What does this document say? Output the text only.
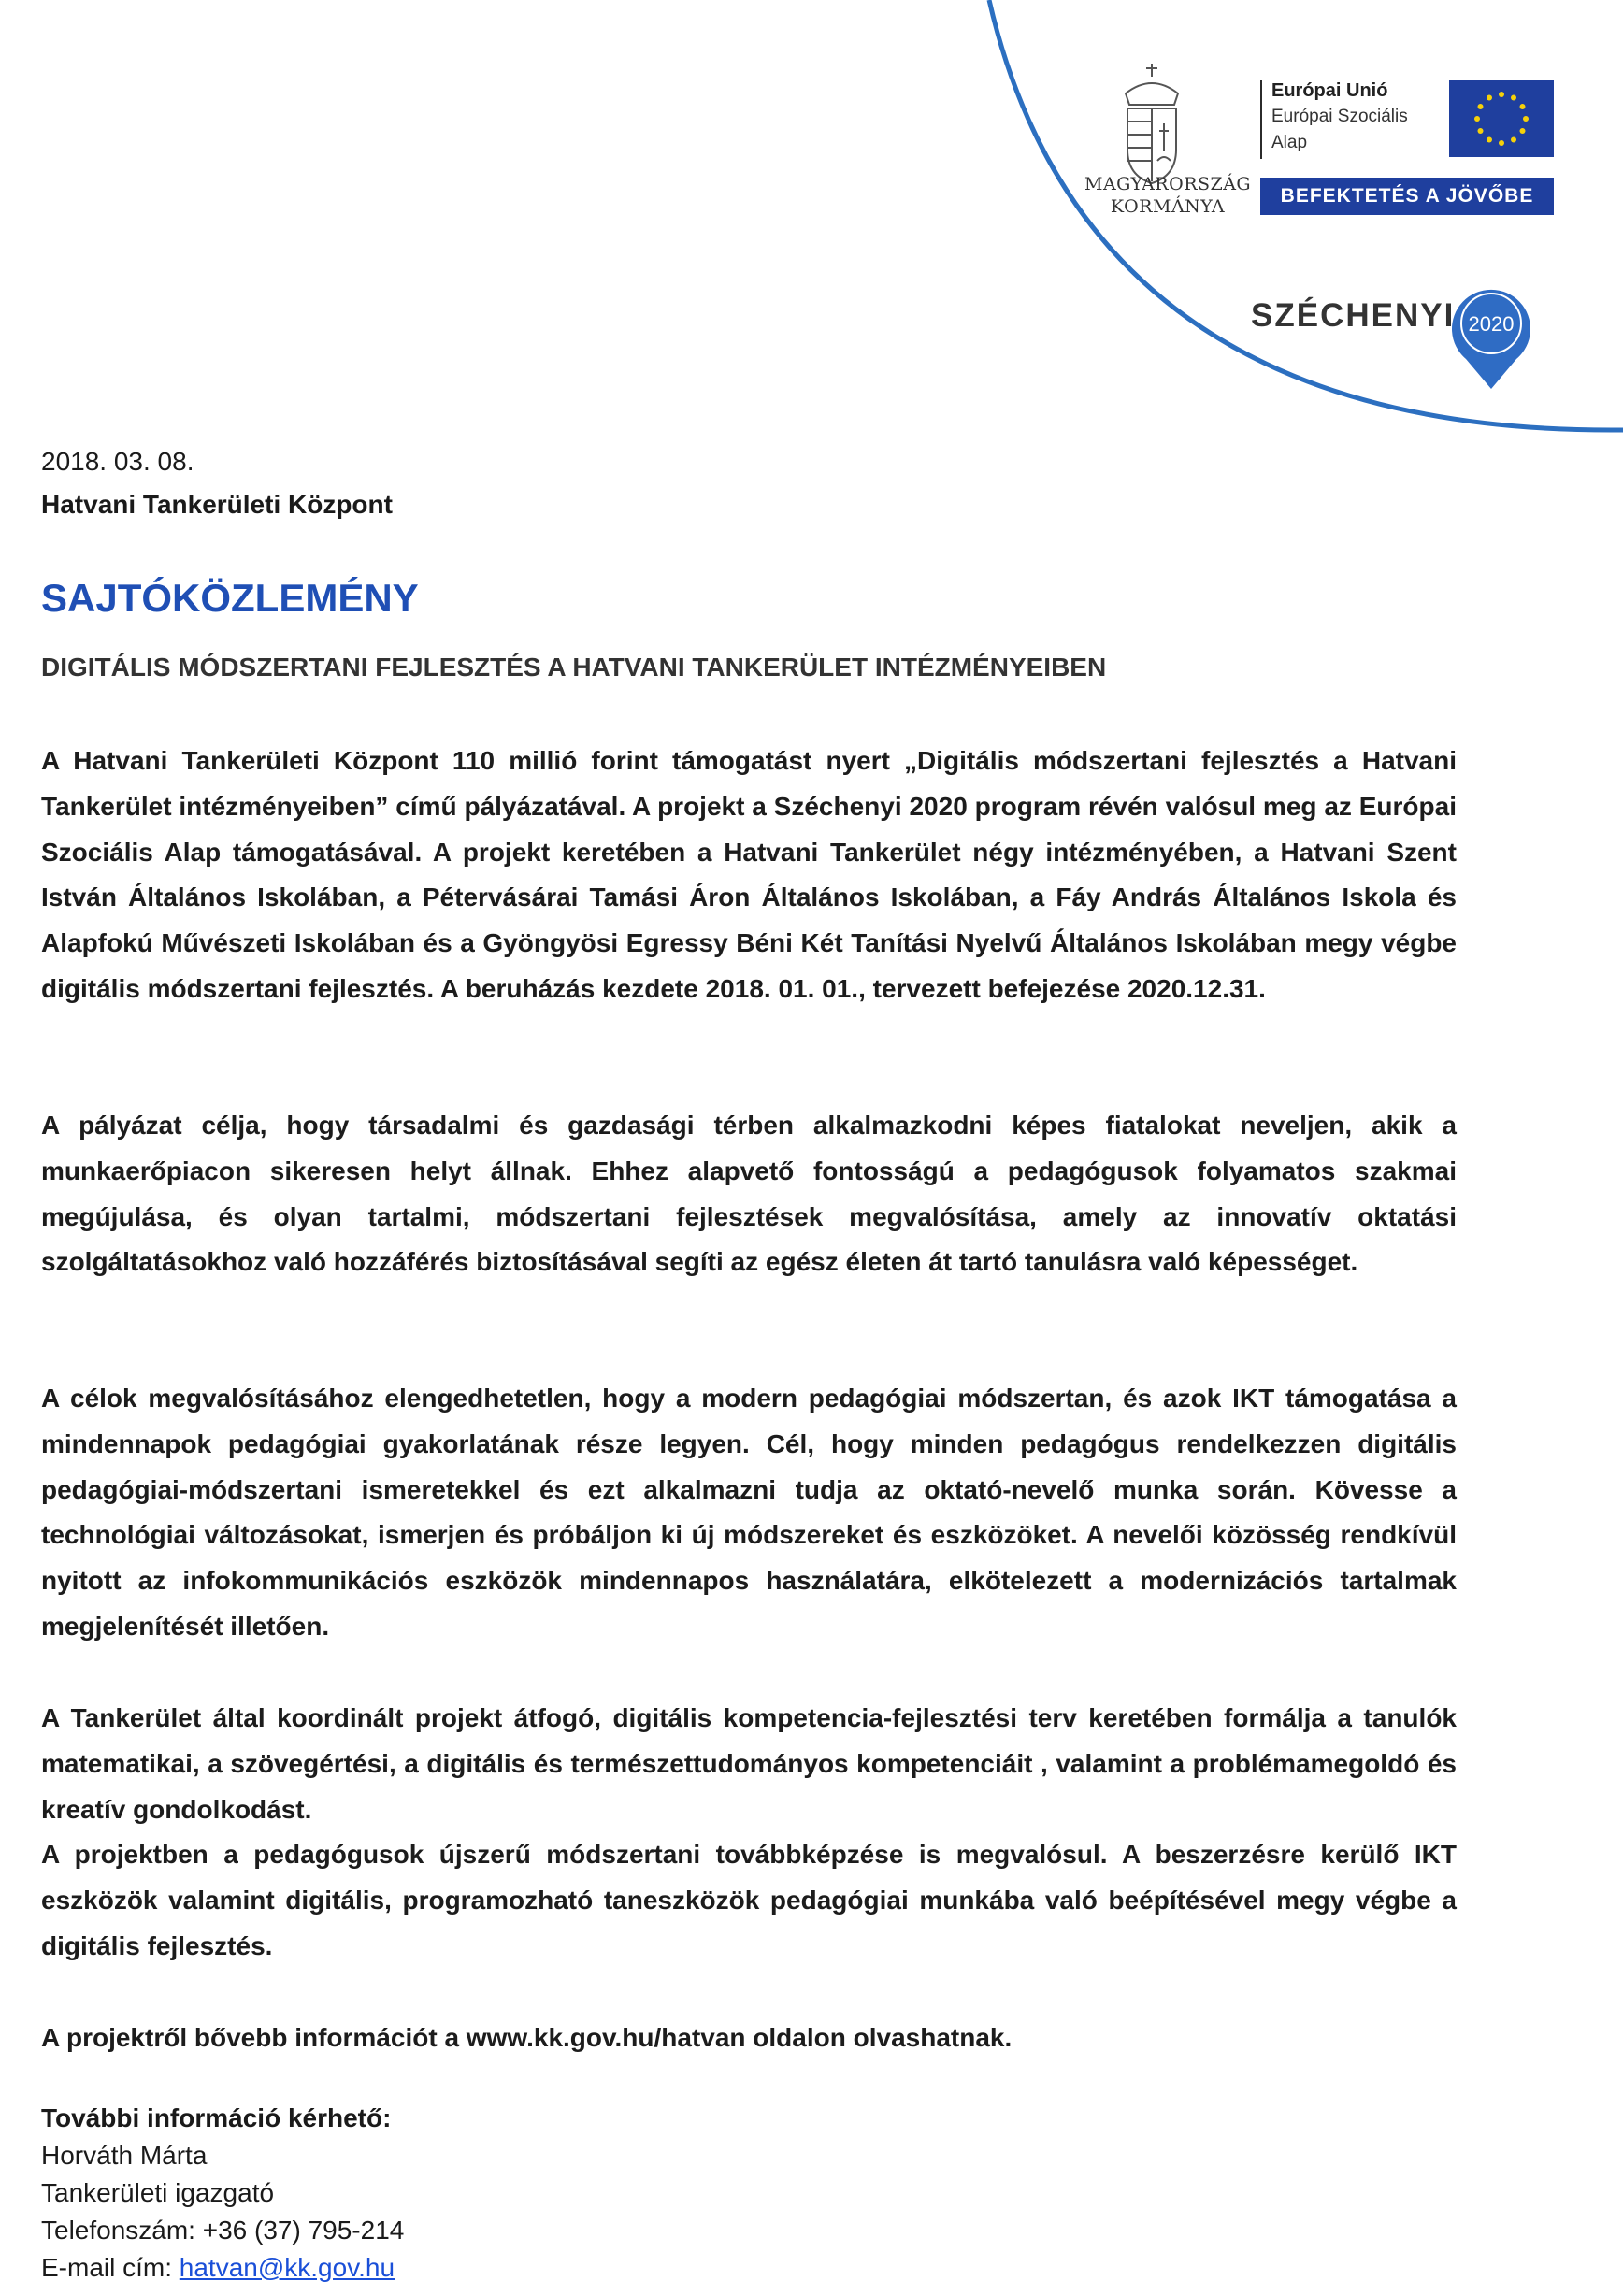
MAGYARORSZÁG
KORMÁNYA
Európai Unió
Európai Szociális
Alap
BEFEKTETÉS A JÖVŐBE
SZÉCHENYI 2020
2018. 03. 08.
Hatvani Tankerületi Központ
SAJTÓKÖZLEMÉNY
DIGITÁLIS MÓDSZERTANI FEJLESZTÉS A HATVANI TANKERÜLET INTÉZMÉNYEIBEN
A Hatvani Tankerületi Központ 110 millió forint támogatást nyert „Digitális módszertani fejlesztés a Hatvani Tankerület intézményeiben” című pályázatával. A projekt a Széchenyi 2020 program révén valósul meg az Európai Szociális Alap támogatásával. A projekt keretében a Hatvani Tankerület négy intézményében, a Hatvani Szent István Általános Iskolában, a Pétervásárai Tamási Áron Általános Iskolában, a Fáy András Általános Iskola és Alapfokú Művészeti Iskolában és a Gyöngyösi Egressy Béni Két Tanítási Nyelvű Általános Iskolában megy végbe digitális módszertani fejlesztés. A beruházás kezdete 2018. 01. 01., tervezett befejezése 2020.12.31.
A pályázat célja, hogy társadalmi és gazdasági térben alkalmazkodni képes fiatalokat neveljen, akik a munkaerőpiacon sikeresen helyt állnak. Ehhez alapvető fontosságú a pedagógusok folyamatos szakmai megújulása, és olyan tartalmi, módszertani fejlesztések megvalósítása, amely az innovatív oktatási szolgáltatásokhoz való hozzáférés biztosításával segíti az egész életen át tartó tanulásra való képességet.
A célok megvalósításához elengedhetetlen, hogy a modern pedagógiai módszertan, és azok IKT támogatása a mindennapok pedagógiai gyakorlatának része legyen. Cél, hogy minden pedagógus rendelkezzen digitális pedagógiai-módszertani ismeretekkel és ezt alkalmazni tudja az oktató-nevelő munka során. Kövesse a technológiai változásokat, ismerjen és próbáljon ki új módszereket és eszközöket. A nevelői közösség rendkívül nyitott az infokommunikációs eszközök mindennapos használatára, elkötelezett a modernizációs tartalmak megjelenítését illetően.
A Tankerület által koordinált projekt átfogó, digitális kompetencia-fejlesztési terv keretében formálja a tanulók matematikai, a szövegértési, a digitális és természettudományos kompetenciáit , valamint a problémamegoldó és kreatív gondolkodást.
A projektben a pedagógusok újszerű módszertani továbbképzése is megvalósul. A beszerzésre kerülő IKT eszközök valamint digitális, programozható taneszközök pedagógiai munkába való beépítésével megy végbe a digitális fejlesztés.
A projektről bővebb információt a www.kk.gov.hu/hatvan oldalon olvashatnak.
További információ kérhető:
Horváth Márta
Tankerületi igazgató
Telefonszám: +36 (37) 795-214
E-mail cím: hatvan@kk.gov.hu
